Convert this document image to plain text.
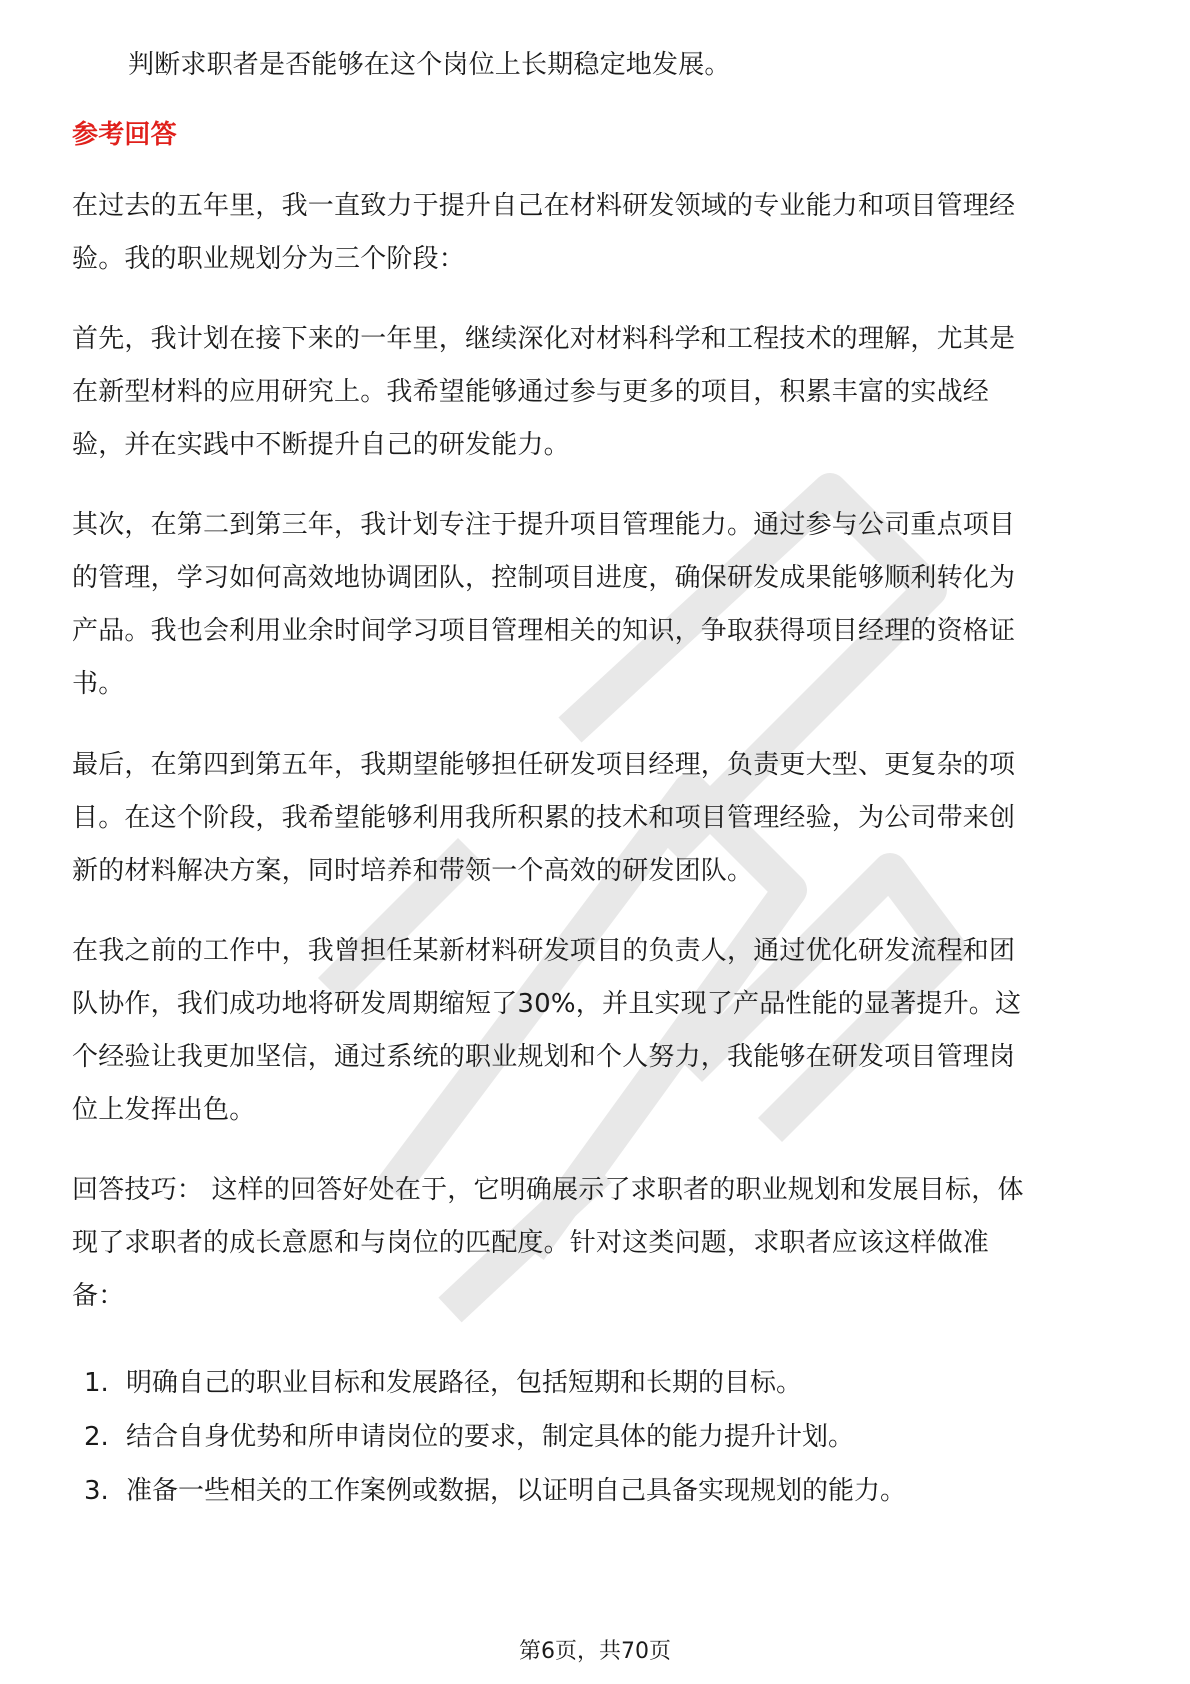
判断求职者是否能够在这个岗位上长期稳定地发展。
参考回答
在过去的五年里，我一直致力于提升自己在材料研发领域的专业能力和项目管理经
验。我的职业规划分为三个阶段：
首先，我计划在接下来的一年里，继续深化对材料科学和工程技术的理解，尤其是
在新型材料的应用研究上。我希望能够通过参与更多的项目，积累丰富的实战经
验，并在实践中不断提升自己的研发能力。
其次，在第二到第三年，我计划专注于提升项目管理能力。通过参与公司重点项目
的管理，学习如何高效地协调团队，控制项目进度，确保研发成果能够顺利转化为
产品。我也会利用业余时间学习项目管理相关的知识，争取获得项目经理的资格证
书。
最后，在第四到第五年，我期望能够担任研发项目经理，负责更大型、更复杂的项
目。在这个阶段，我希望能够利用我所积累的技术和项目管理经验，为公司带来创
新的材料解决方案，同时培养和带领一个高效的研发团队。
在我之前的工作中，我曾担任某新材料研发项目的负责人，通过优化研发流程和团
队协作，我们成功地将研发周期缩短了30%，并且实现了产品性能的显著提升。这
个经验让我更加坚信，通过系统的职业规划和个人努力，我能够在研发项目管理岗
位上发挥出色。
回答技巧： 这样的回答好处在于，它明确展示了求职者的职业规划和发展目标，体
现了求职者的成长意愿和与岗位的匹配度。针对这类问题，求职者应该这样做准
备：
1. 明确自己的职业目标和发展路径，包括短期和长期的目标。
2. 结合自身优势和所申请岗位的要求，制定具体的能力提升计划。
3. 准备一些相关的工作案例或数据，以证明自己具备实现规划的能力。
第6页，共70页
